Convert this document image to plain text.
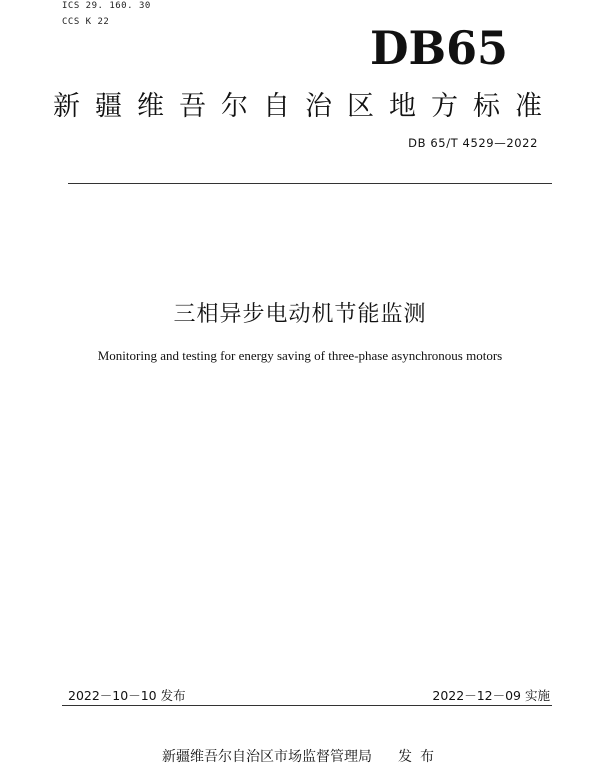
ICS 29. 160. 30
CCS K 22	DB65
新疆维吾尔自治区地方标准
DB 65/T 4529—2022
三相异步电动机节能监测
Monitoring and testing for energy saving of three-phase asynchronous motors
2022－10－10 发布	2022－12－09 实施
新疆维吾尔自治区市场监督管理局 发布
